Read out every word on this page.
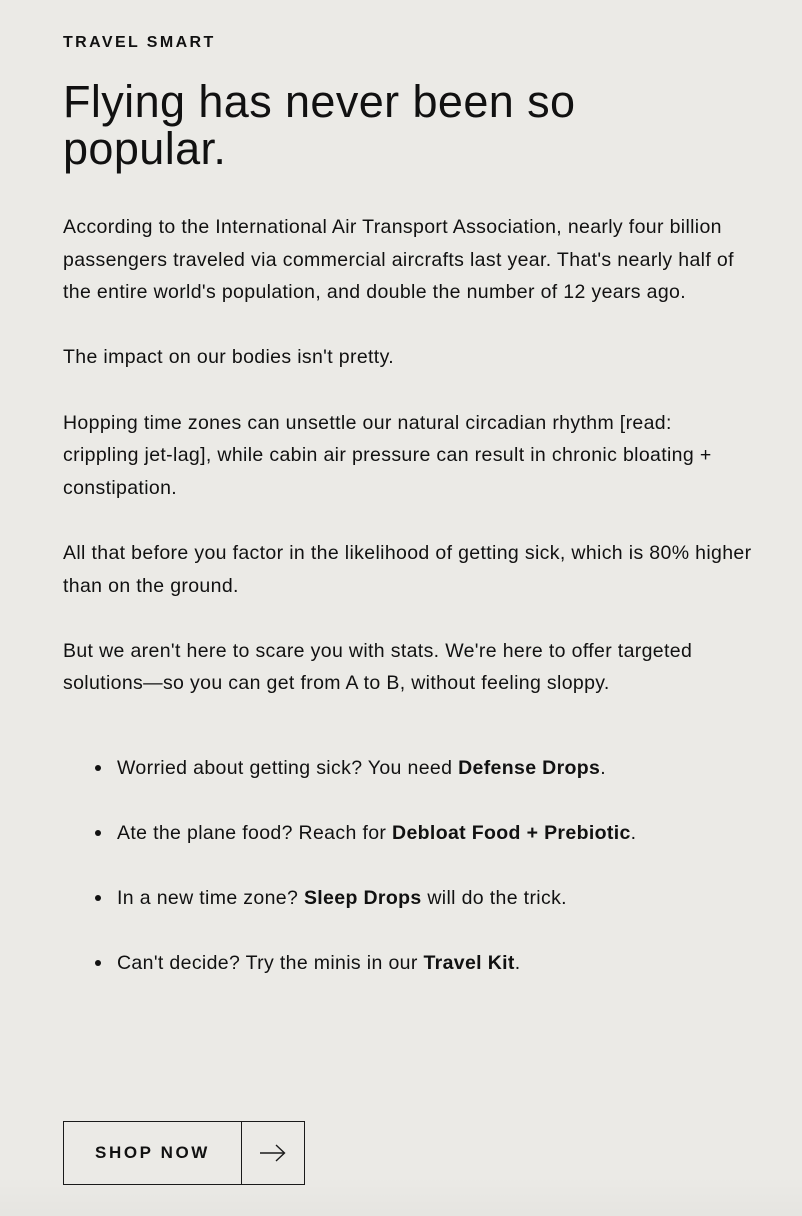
TRAVEL SMART

Flying has never been so popular.

According to the International Air Transport Association, nearly four billion passengers traveled via commercial aircrafts last year. That's nearly half of the entire world's population, and double the number of 12 years ago.

The impact on our bodies isn't pretty.

Hopping time zones can unsettle our natural circadian rhythm [read: crippling jet-lag], while cabin air pressure can result in chronic bloating + constipation.

All that before you factor in the likelihood of getting sick, which is 80% higher than on the ground.

But we aren't here to scare you with stats. We're here to offer targeted solutions—so you can get from A to B, without feeling sloppy.

Worried about getting sick? You need Defense Drops.
Ate the plane food? Reach for Debloat Food + Prebiotic.
In a new time zone? Sleep Drops will do the trick.
Can't decide? Try the minis in our Travel Kit.
SHOP NOW
